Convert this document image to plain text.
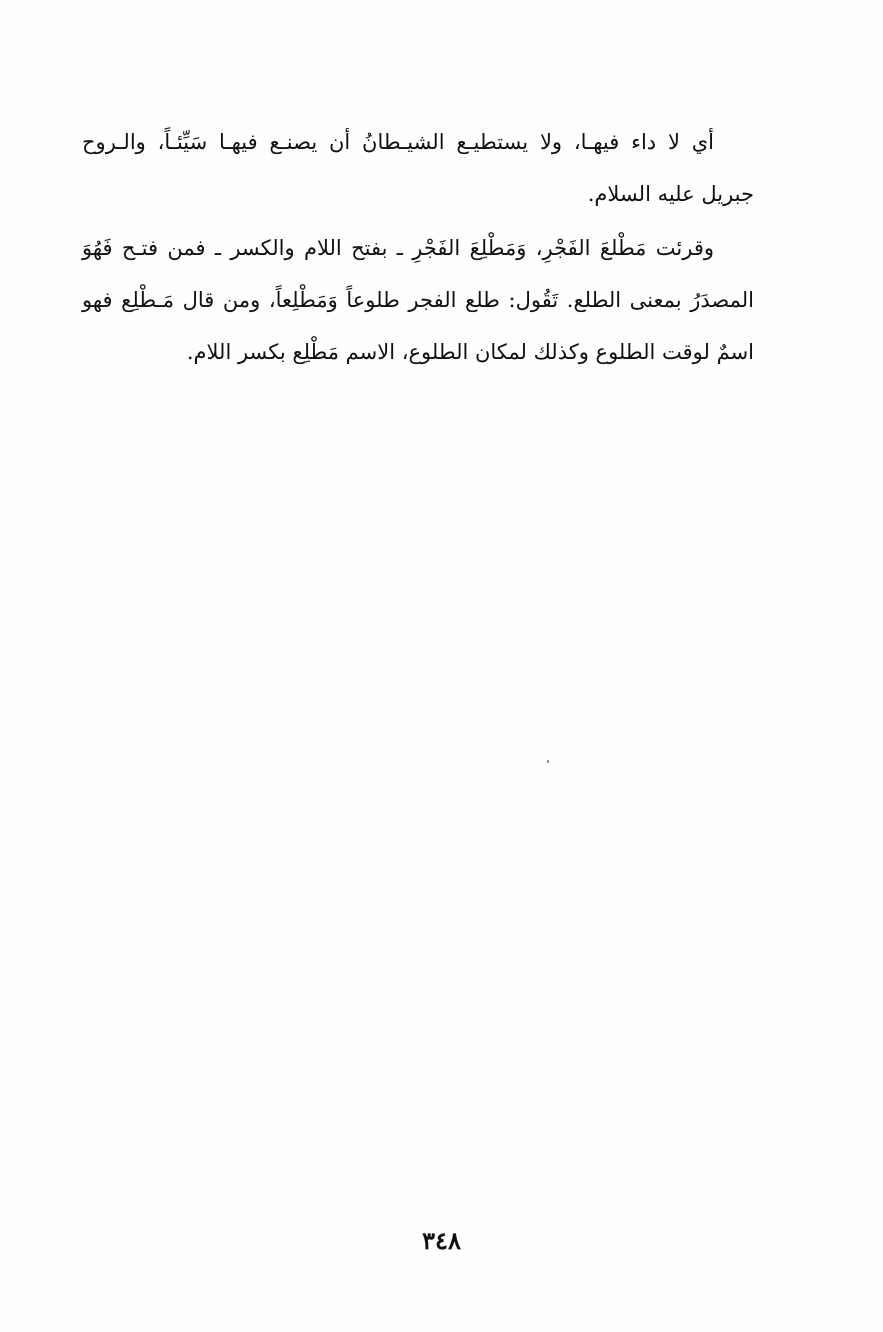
أي لا داء فيهـا، ولا يستطيـع الشيـطانُ أن يصنـع فيهـا سَيِّئـاً، والـروح جبريل عليه السلام.

وقرئت مَطْلعَ الفَجْرِ، وَمَطْلِعَ الفَجْرِ ـ بفتح اللام والكسر ـ فمن فتـح فَهُوَ المصدَرُ بمعنى الطلع. تَقُول: طلع الفجر طلوعاً وَمَطْلِعاً، ومن قال مَـطْلِع فهو اسمٌ لوقت الطلوع وكذلك لمكان الطلوع، الاسم مَطْلِع بكسر اللام.

٣٤٨
